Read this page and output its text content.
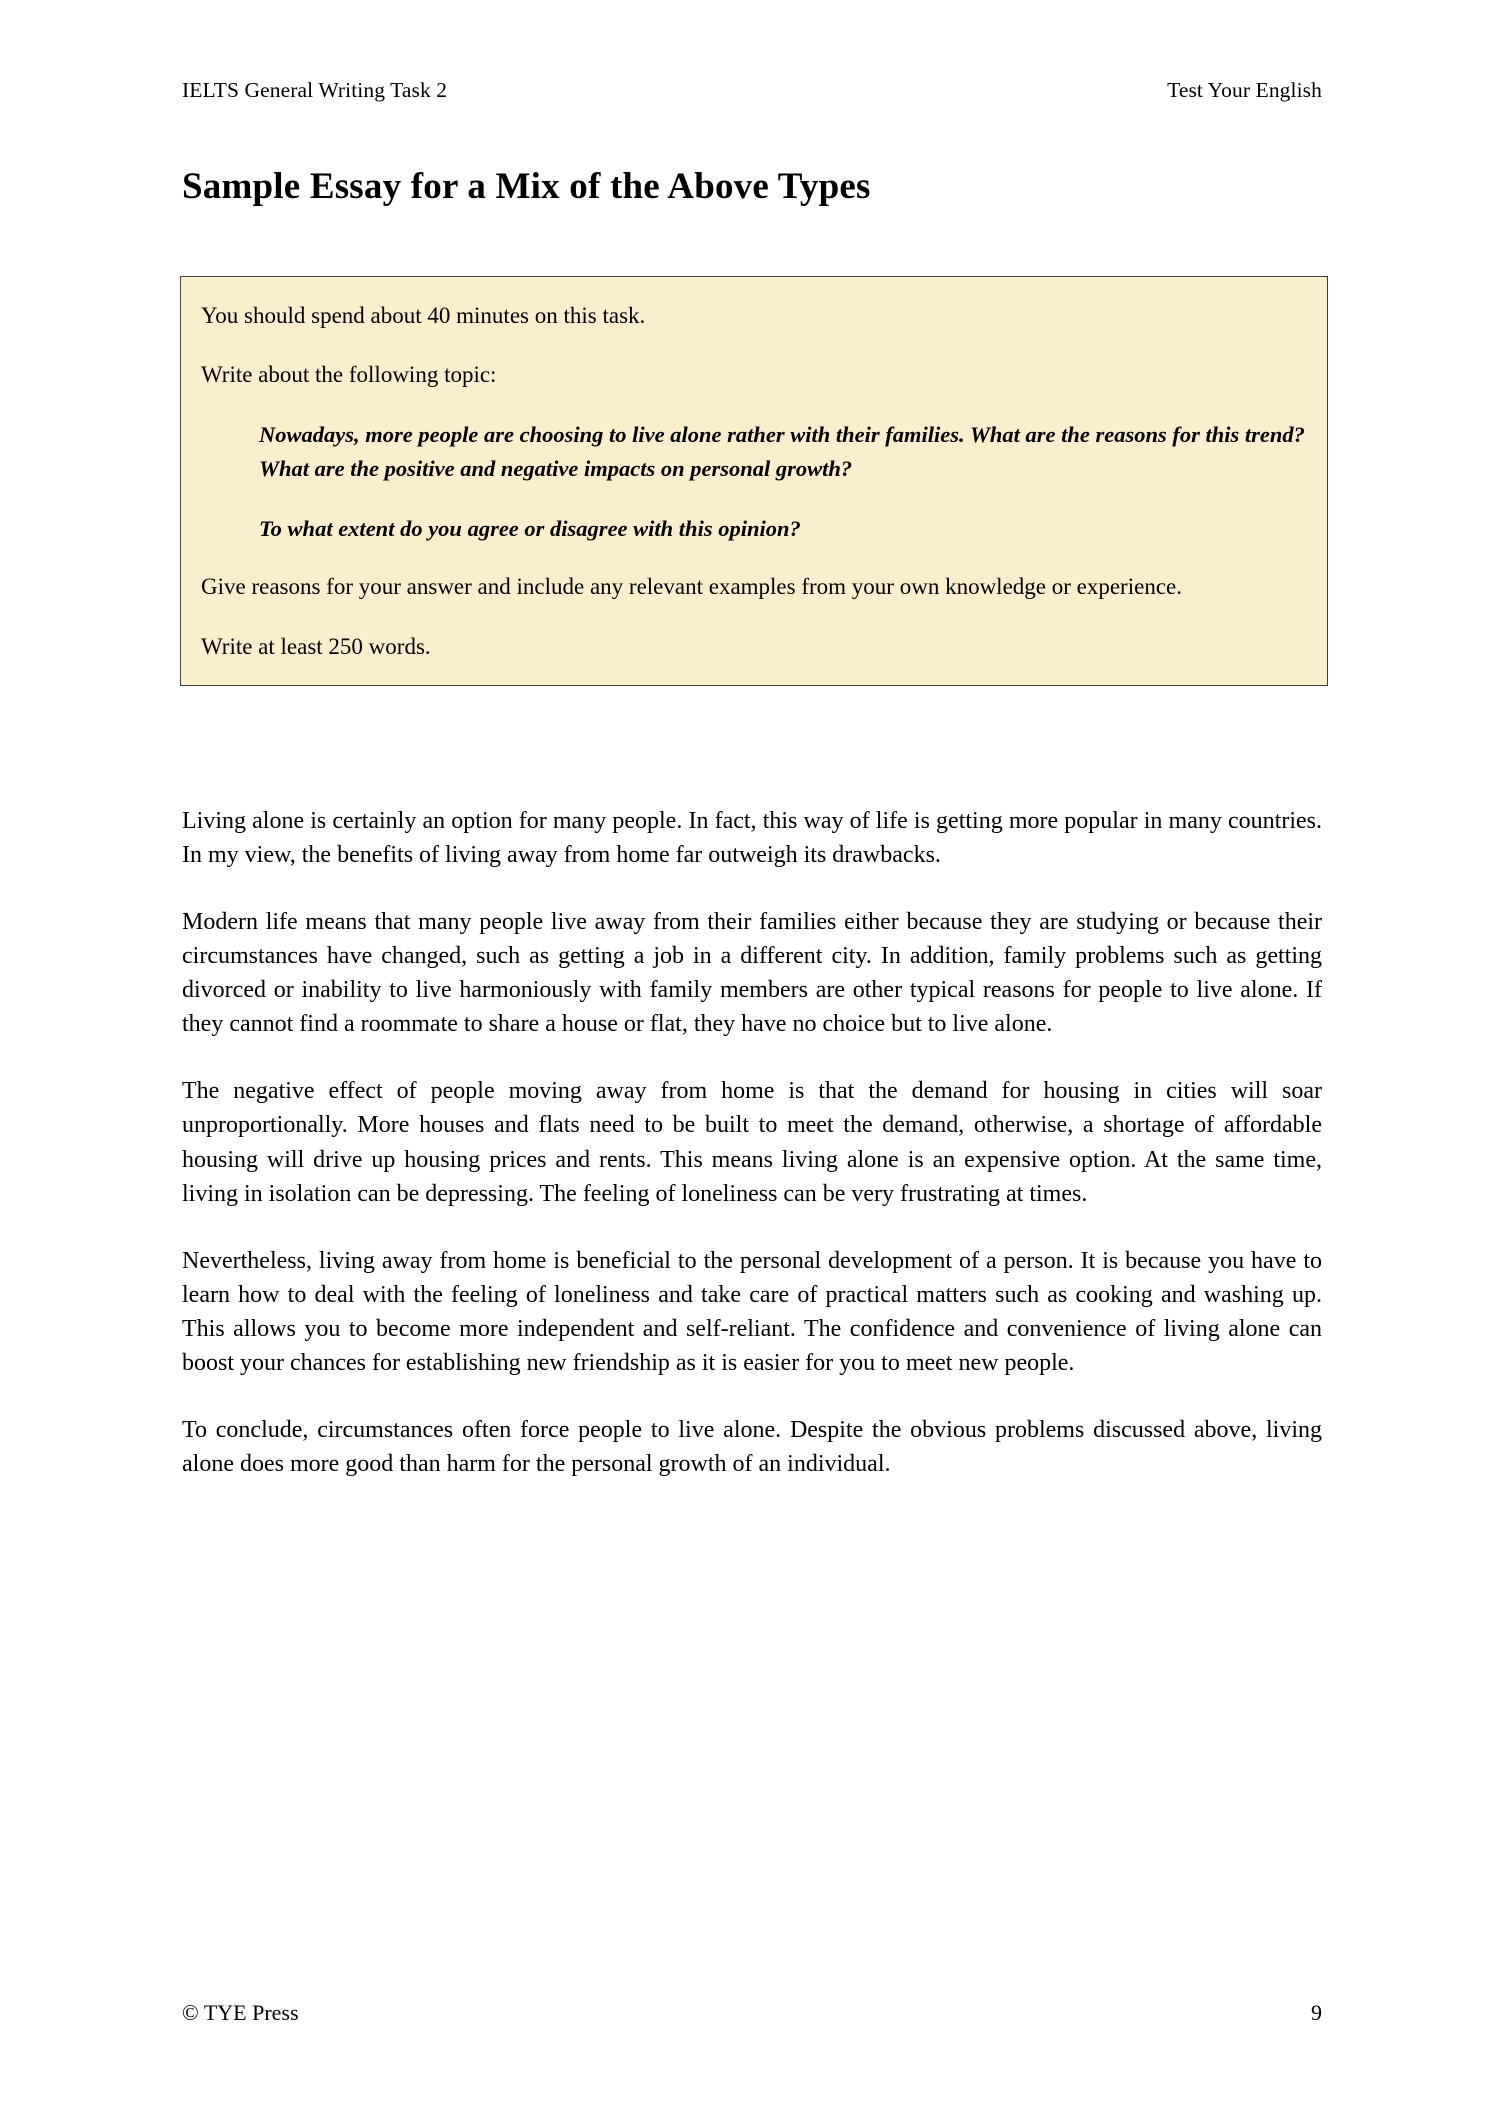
IELTS General Writing Task 2	Test Your English
Sample Essay for a Mix of the Above Types

You should spend about 40 minutes on this task.

Write about the following topic:

Nowadays, more people are choosing to live alone rather with their families. What are the reasons for this trend? What are the positive and negative impacts on personal growth?

To what extent do you agree or disagree with this opinion?

Give reasons for your answer and include any relevant examples from your own knowledge or experience.

Write at least 250 words.

Living alone is certainly an option for many people. In fact, this way of life is getting more popular in many countries. In my view, the benefits of living away from home far outweigh its drawbacks.

Modern life means that many people live away from their families either because they are studying or because their circumstances have changed, such as getting a job in a different city. In addition, family problems such as getting divorced or inability to live harmoniously with family members are other typical reasons for people to live alone. If they cannot find a roommate to share a house or flat, they have no choice but to live alone.

The negative effect of people moving away from home is that the demand for housing in cities will soar unproportionally. More houses and flats need to be built to meet the demand, otherwise, a shortage of affordable housing will drive up housing prices and rents. This means living alone is an expensive option. At the same time, living in isolation can be depressing. The feeling of loneliness can be very frustrating at times.

Nevertheless, living away from home is beneficial to the personal development of a person. It is because you have to learn how to deal with the feeling of loneliness and take care of practical matters such as cooking and washing up. This allows you to become more independent and self-reliant. The confidence and convenience of living alone can boost your chances for establishing new friendship as it is easier for you to meet new people.

To conclude, circumstances often force people to live alone. Despite the obvious problems discussed above, living alone does more good than harm for the personal growth of an individual.

© TYE Press	9
